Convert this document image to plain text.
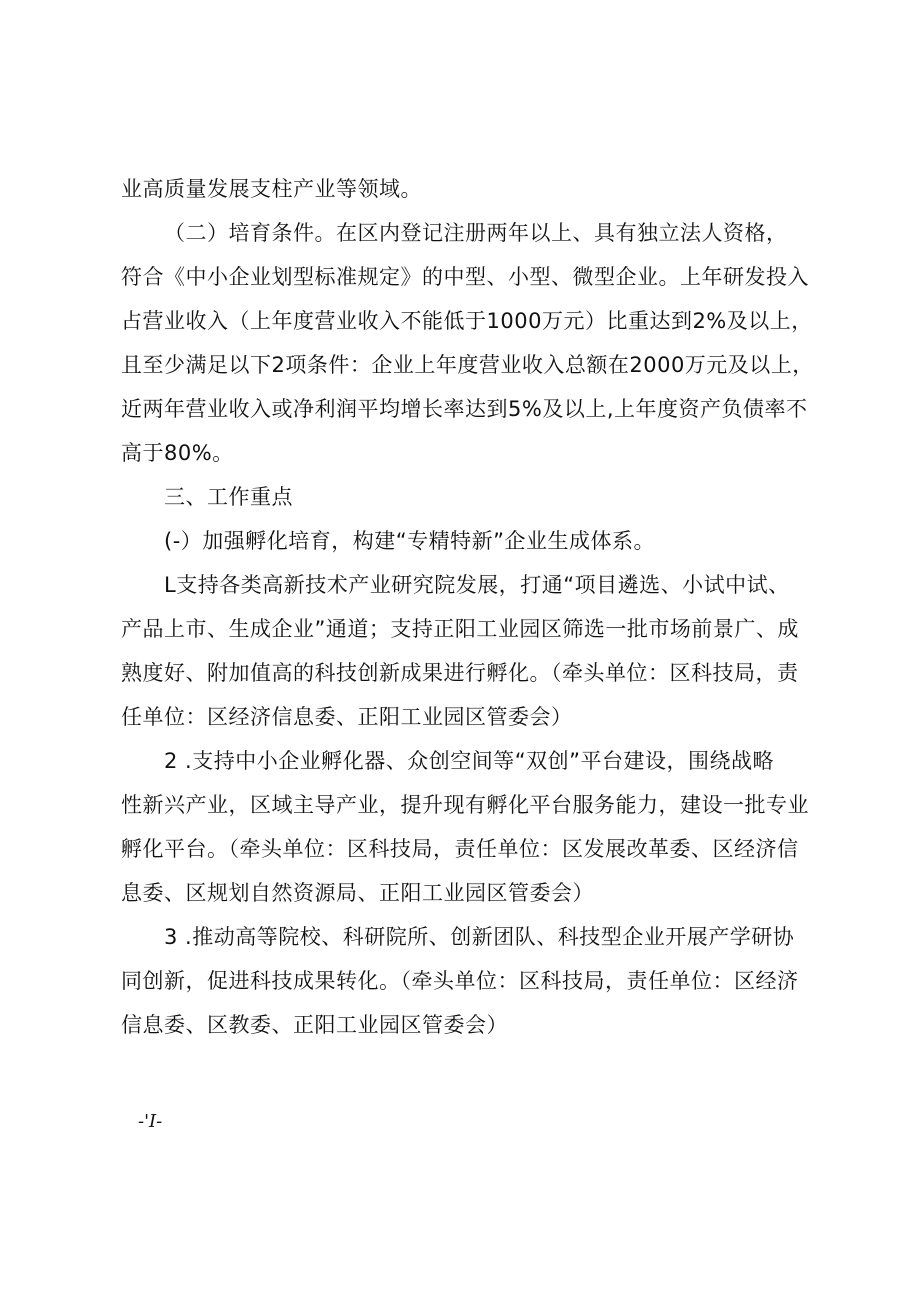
业高质量发展支柱产业等领域。
（二）培育条件。在区内登记注册两年以上、具有独立法人资格，
符合《中小企业划型标准规定》的中型、小型、微型企业。上年研发投入
占营业收入（上年度营业收入不能低于1000万元）比重达到2%及以上，
且至少满足以下2项条件：企业上年度营业收入总额在2000万元及以上，
近两年营业收入或净利润平均增长率达到5%及以上,上年度资产负债率不
高于80%。
三、工作重点
(-）加强孵化培育，构建“专精特新”企业生成体系。
L支持各类高新技术产业研究院发展，打通“项目遴选、小试中试、
产品上市、生成企业”通道；支持正阳工业园区筛选一批市场前景广、成
熟度好、附加值高的科技创新成果进行孵化。（牵头单位：区科技局，责
任单位：区经济信息委、正阳工业园区管委会）
2 .支持中小企业孵化器、众创空间等“双创”平台建设，围绕战略
性新兴产业，区域主导产业，提升现有孵化平台服务能力，建设一批专业
孵化平台。（牵头单位：区科技局，责任单位：区发展改革委、区经济信
息委、区规划自然资源局、正阳工业园区管委会）
3 .推动高等院校、科研院所、创新团队、科技型企业开展产学研协
同创新，促进科技成果转化。（牵头单位：区科技局，责任单位：区经济
信息委、区教委、正阳工业园区管委会）
-'I-
